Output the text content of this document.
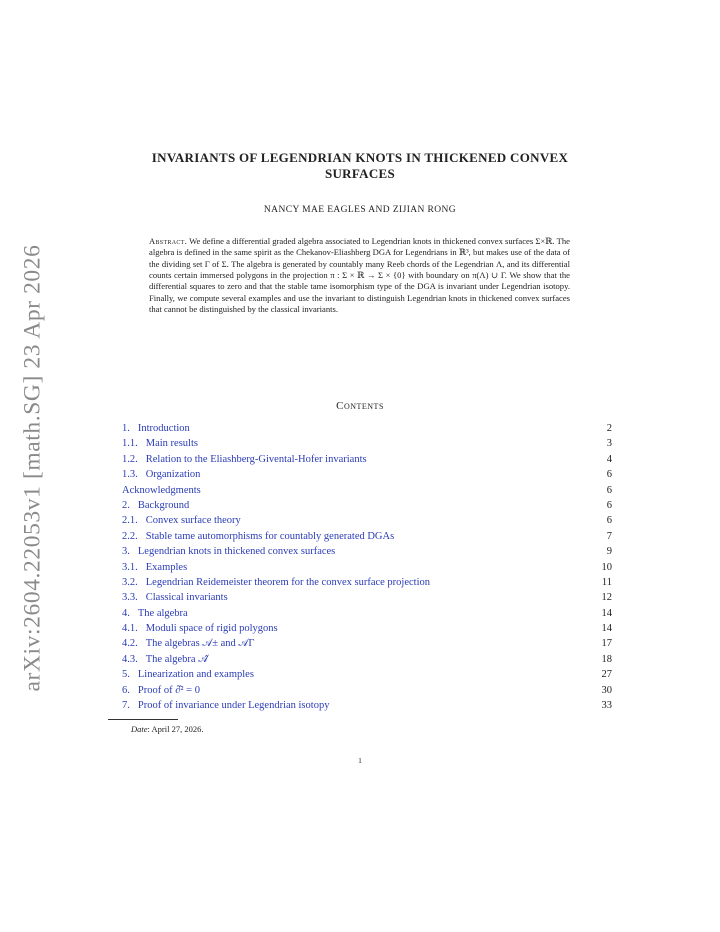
arXiv:2604.22053v1 [math.SG] 23 Apr 2026
INVARIANTS OF LEGENDRIAN KNOTS IN THICKENED CONVEX
SURFACES
NANCY MAE EAGLES AND ZIJIAN RONG
Abstract. We define a differential graded algebra associated to Legendrian knots in thickened convex surfaces Σ×ℝ. The algebra is defined in the same spirit as the Chekanov-Eliashberg DGA for Legendrians in ℝ³, but makes use of the data of the dividing set Γ of Σ. The algebra is generated by countably many Reeb chords of the Legendrian Λ, and its differential counts certain immersed polygons in the projection π : Σ × ℝ → Σ × {0} with boundary on π(Λ) ∪ Γ. We show that the differential squares to zero and that the stable tame isomorphism type of the DGA is invariant under Legendrian isotopy. Finally, we compute several examples and use the invariant to distinguish Legendrian knots in thickened convex surfaces that cannot be distinguished by the classical invariants.
Contents
1. Introduction	2
1.1. Main results	3
1.2. Relation to the Eliashberg-Givental-Hofer invariants	4
1.3. Organization	6
Acknowledgments	6
2. Background	6
2.1. Convex surface theory	6
2.2. Stable tame automorphisms for countably generated DGAs	7
3. Legendrian knots in thickened convex surfaces	9
3.1. Examples	10
3.2. Legendrian Reidemeister theorem for the convex surface projection	11
3.3. Classical invariants	12
4. The algebra	14
4.1. Moduli space of rigid polygons	14
4.2. The algebras 𝒜± and 𝒜Γ	17
4.3. The algebra 𝒜̂	18
5. Linearization and examples	27
6. Proof of ∂̂² = 0	30
7. Proof of invariance under Legendrian isotopy	33
Date: April 27, 2026.
1
